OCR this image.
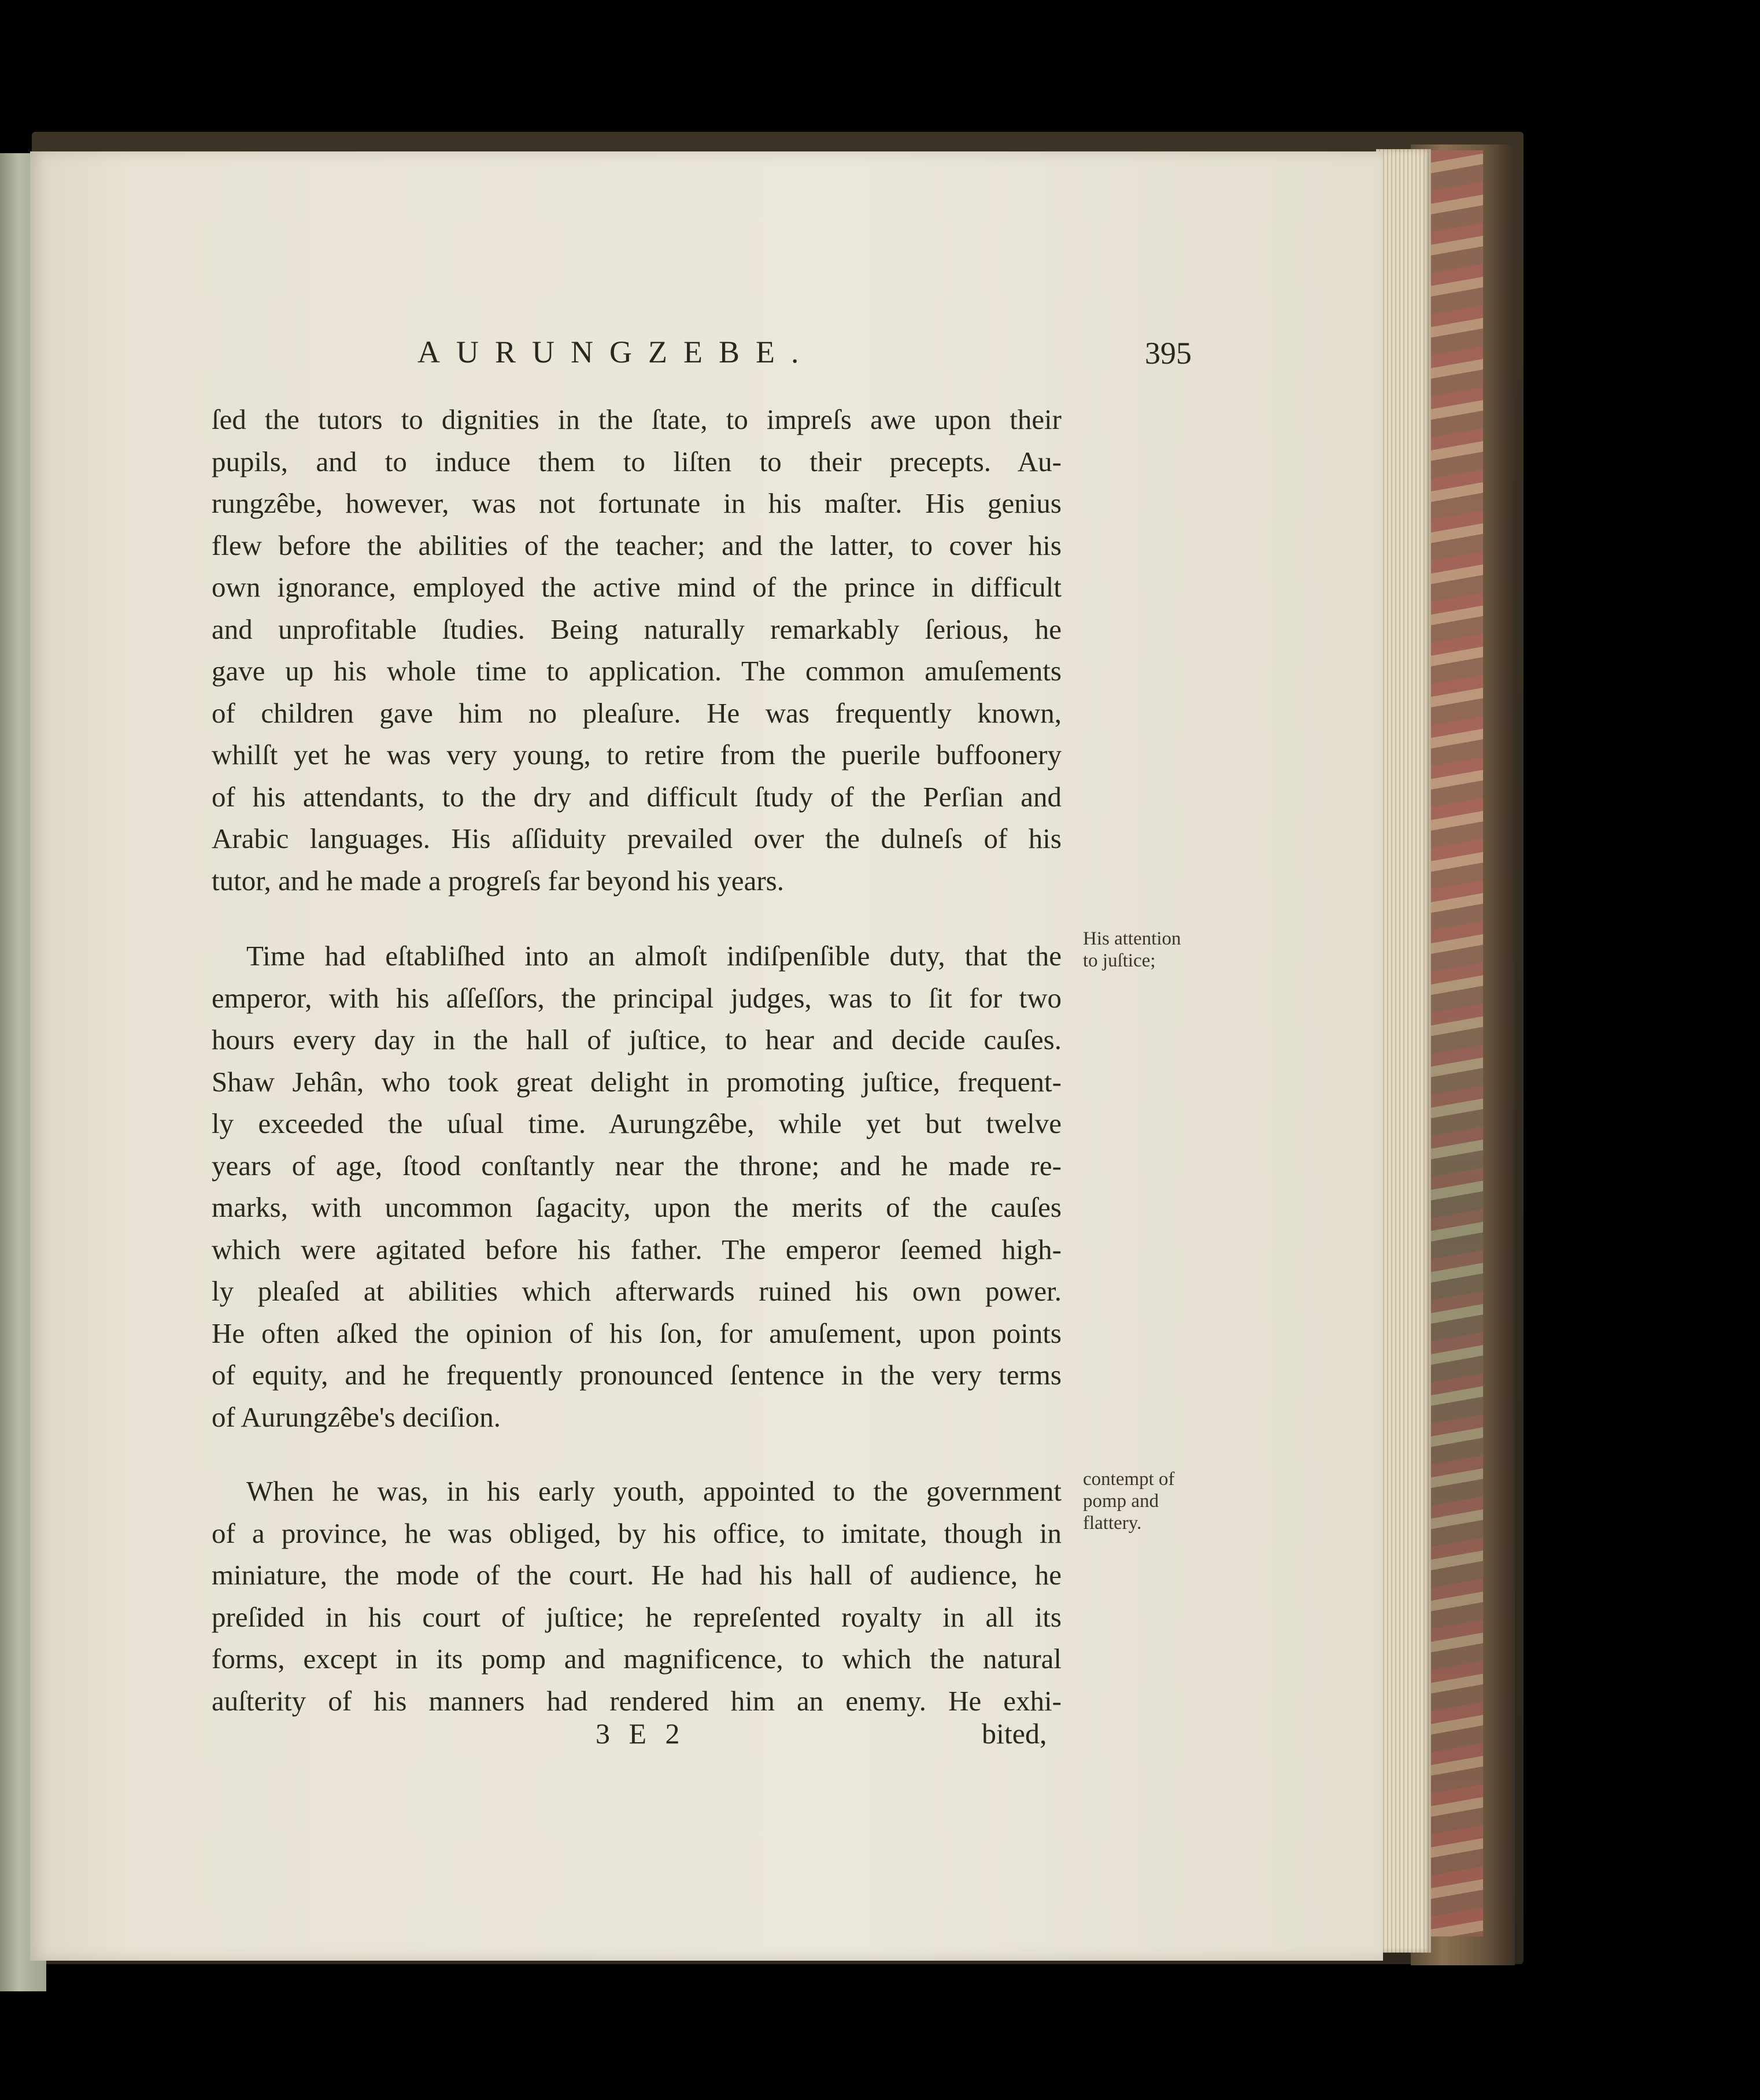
AURUNGZEBE.	395
ſed the tutors to dignities in the ſtate, to impreſs awe upon their
pupils, and to induce them to liſten to their precepts. Au-
rungzêbe, however, was not fortunate in his maſter. His genius
flew before the abilities of the teacher; and the latter, to cover his
own ignorance, employed the active mind of the prince in difficult
and unprofitable ſtudies. Being naturally remarkably ſerious, he
gave up his whole time to application. The common amuſements
of children gave him no pleaſure. He was frequently known,
whilſt yet he was very young, to retire from the puerile buffoonery
of his attendants, to the dry and difficult ſtudy of the Perſian and
Arabic languages. His aſſiduity prevailed over the dulneſs of his
tutor, and he made a progreſs far beyond his years.
Time had eſtabliſhed into an almoſt indiſpenſible duty, that the
emperor, with his aſſeſſors, the principal judges, was to ſit for two
hours every day in the hall of juſtice, to hear and decide cauſes.
Shaw Jehân, who took great delight in promoting juſtice, frequent-
ly exceeded the uſual time. Aurungzêbe, while yet but twelve
years of age, ſtood conſtantly near the throne; and he made re-
marks, with uncommon ſagacity, upon the merits of the cauſes
which were agitated before his father. The emperor ſeemed high-
ly pleaſed at abilities which afterwards ruined his own power.
He often aſked the opinion of his ſon, for amuſement, upon points
of equity, and he frequently pronounced ſentence in the very terms
of Aurungzêbe's deciſion.
When he was, in his early youth, appointed to the government
of a province, he was obliged, by his office, to imitate, though in
miniature, the mode of the court. He had his hall of audience, he
preſided in his court of juſtice; he repreſented royalty in all its
forms, except in its pomp and magnificence, to which the natural
auſterity of his manners had rendered him an enemy. He exhi-
His attention
to juſtice;
contempt of
pomp and
flattery.
3 E 2	bited,
